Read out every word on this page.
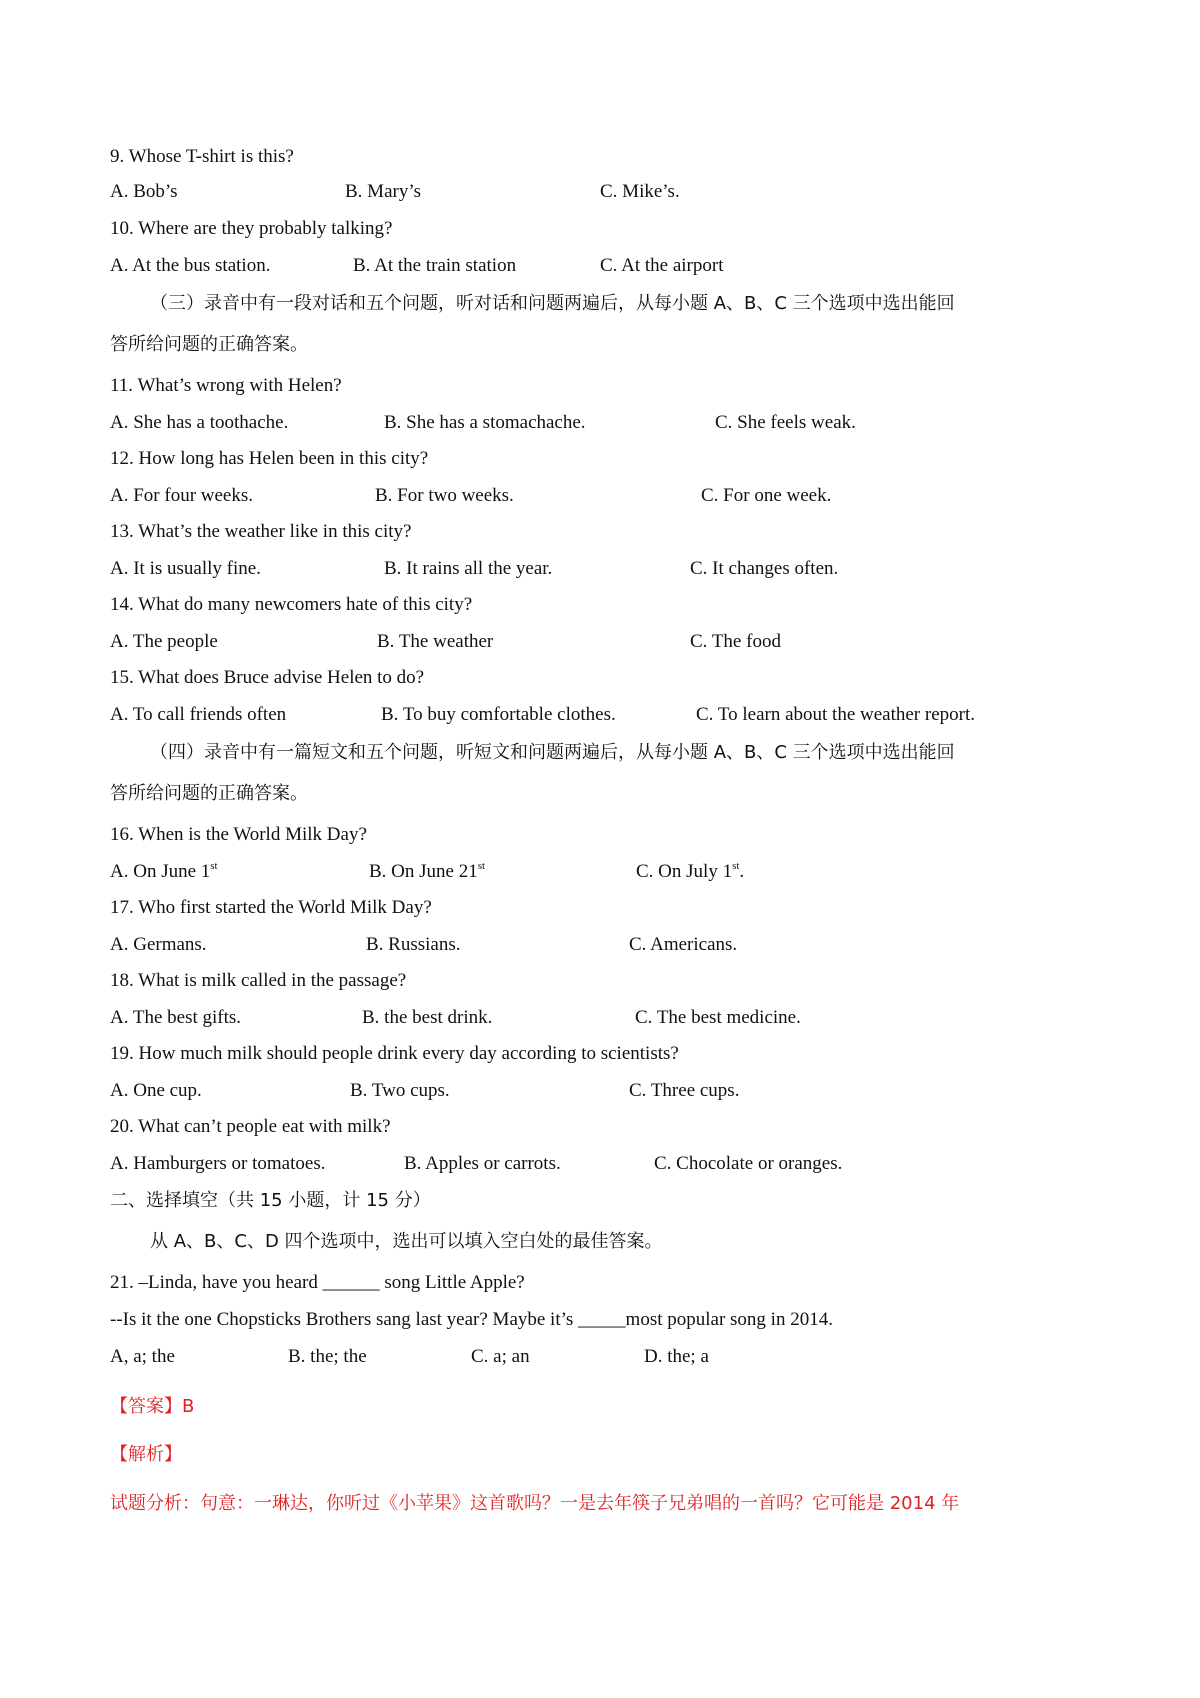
9. Whose T-shirt is this?
A. Bob’s	B. Mary’s	C. Mike’s.
10. Where are they probably talking?
A. At the bus station.	B. At the train station	C. At the airport
（三）录音中有一段对话和五个问题，听对话和问题两遍后，从每小题 A、B、C 三个选项中选出能回
答所给问题的正确答案。
11. What’s wrong with Helen?
A. She has a toothache.	B. She has a stomachache.	C. She feels weak.
12. How long has Helen been in this city?
A. For four weeks.	B. For two weeks.	C. For one week.
13. What’s the weather like in this city?
A. It is usually fine.	B. It rains all the year.	C. It changes often.
14. What do many newcomers hate of this city?
A. The people	B. The weather	C. The food
15. What does Bruce advise Helen to do?
A. To call friends often	B. To buy comfortable clothes.	C. To learn about the weather report.
（四）录音中有一篇短文和五个问题，听短文和问题两遍后，从每小题 A、B、C 三个选项中选出能回
答所给问题的正确答案。
16. When is the World Milk Day?
A. On June 1st	B. On June 21st	C. On July 1st.
17. Who first started the World Milk Day?
A. Germans.	B. Russians.	C. Americans.
18. What is milk called in the passage?
A. The best gifts.	B. the best drink.	C. The best medicine.
19. How much milk should people drink every day according to scientists?
A. One cup.	B. Two cups.	C. Three cups.
20. What can’t people eat with milk?
A. Hamburgers or tomatoes.	B. Apples or carrots.	C. Chocolate or oranges.
二、选择填空（共 15 小题，计 15 分）
从 A、B、C、D 四个选项中，选出可以填入空白处的最佳答案。
21. –Linda, have you heard ______ song Little Apple?
--Is it the one Chopsticks Brothers sang last year? Maybe it’s _____most popular song in 2014.
A, a; the	B. the; the	C. a; an	D. the; a
【答案】B
【解析】
试题分析：句意：一琳达，你听过《小苹果》这首歌吗？一是去年筷子兄弟唱的一首吗？它可能是 2014 年
